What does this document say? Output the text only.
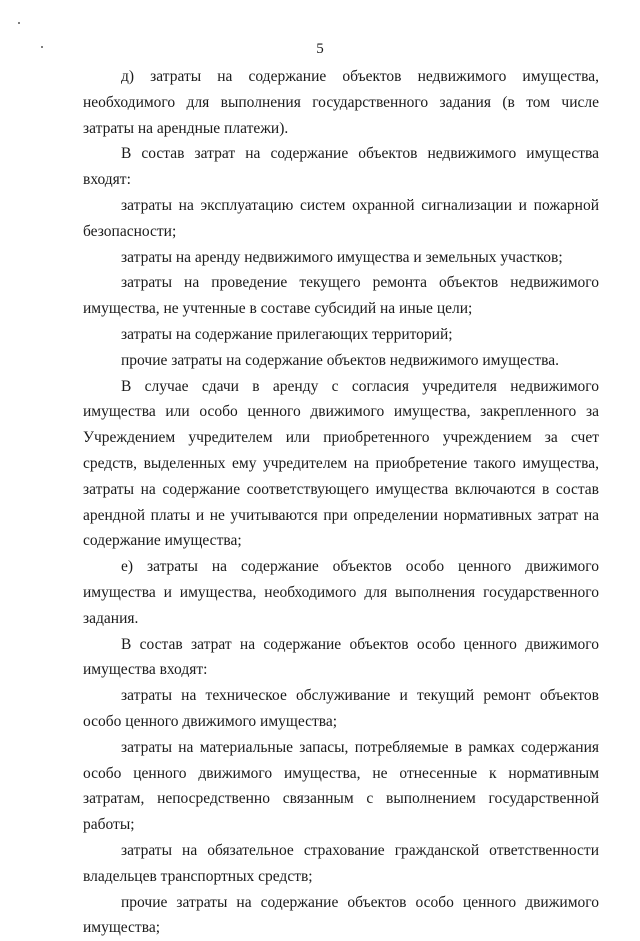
5

д) затраты на содержание объектов недвижимого имущества, необходимого для выполнения государственного задания (в том числе затраты на арендные платежи).

В состав затрат на содержание объектов недвижимого имущества входят:

затраты на эксплуатацию систем охранной сигнализации и пожарной безопасности;

затраты на аренду недвижимого имущества и земельных участков;

затраты на проведение текущего ремонта объектов недвижимого имущества, не учтенные в составе субсидий на иные цели;

затраты на содержание прилегающих территорий;

прочие затраты на содержание объектов недвижимого имущества.

В случае сдачи в аренду с согласия учредителя недвижимого имущества или особо ценного движимого имущества, закрепленного за Учреждением учредителем или приобретенного учреждением за счет средств, выделенных ему учредителем на приобретение такого имущества, затраты на содержание соответствующего имущества включаются в состав арендной платы и не учитываются при определении нормативных затрат на содержание имущества;

е) затраты на содержание объектов особо ценного движимого имущества и имущества, необходимого для выполнения государственного задания.

В состав затрат на содержание объектов особо ценного движимого имущества входят:

затраты на техническое обслуживание и текущий ремонт объектов особо ценного движимого имущества;

затраты на материальные запасы, потребляемые в рамках содержания особо ценного движимого имущества, не отнесенные к нормативным затратам, непосредственно связанным с выполнением государственной работы;

затраты на обязательное страхование гражданской ответственности владельцев транспортных средств;

прочие затраты на содержание объектов особо ценного движимого имущества;
